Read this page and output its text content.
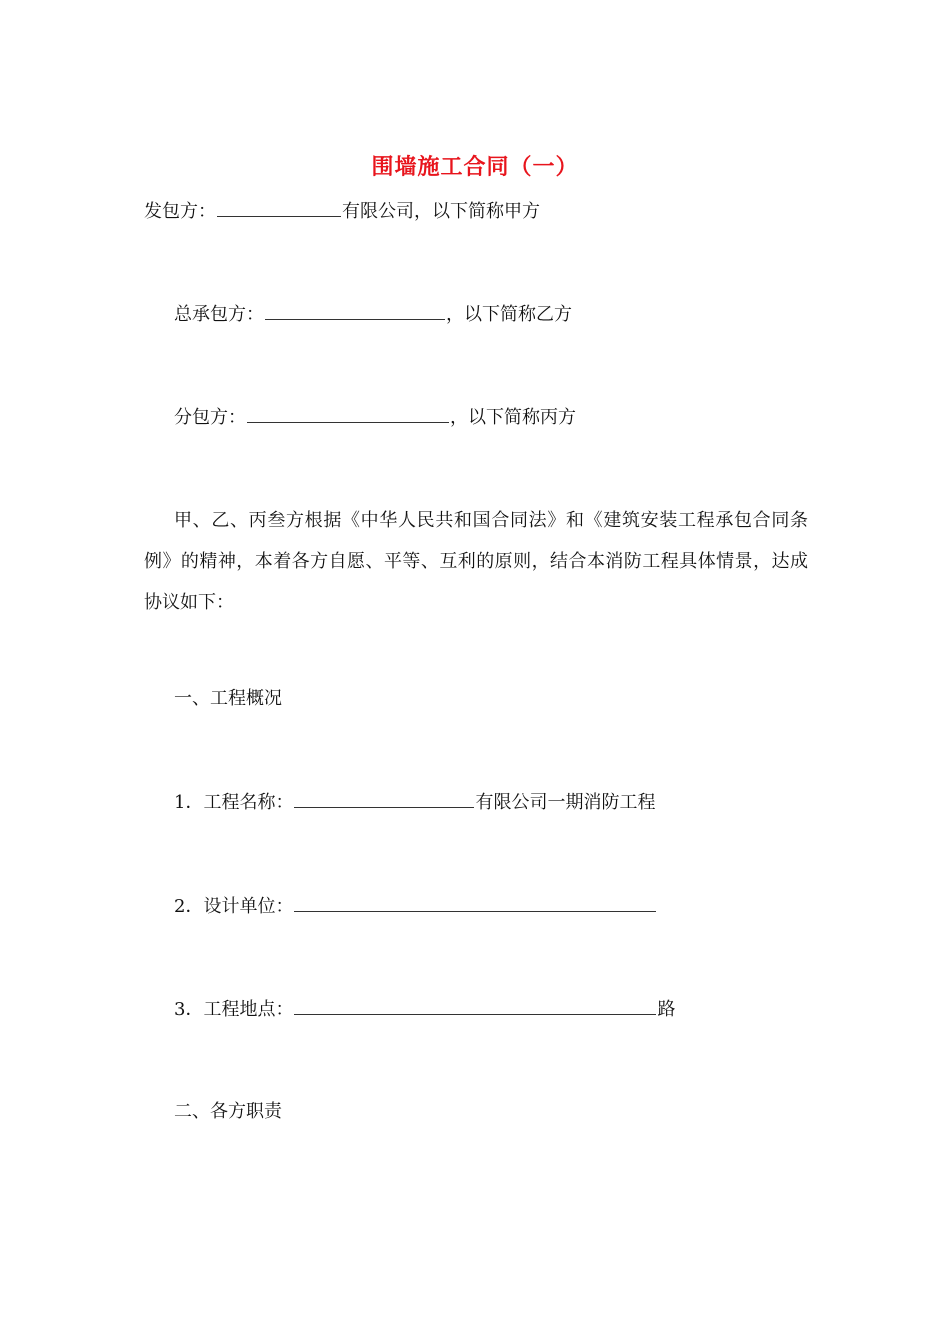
围墙施工合同（一）
发包方：	有限公司，以下简称甲方
总承包方：	，以下简称乙方
分包方：	，以下简称丙方
甲、乙、丙叁方根据《中华人民共和国合同法》和《建筑安装工程承包合同条例》的精神，本着各方自愿、平等、互利的原则，结合本消防工程具体情景，达成协议如下：
一、工程概况
1．工程名称：	有限公司一期消防工程
2．设计单位：
3．工程地点：	路
二、各方职责
